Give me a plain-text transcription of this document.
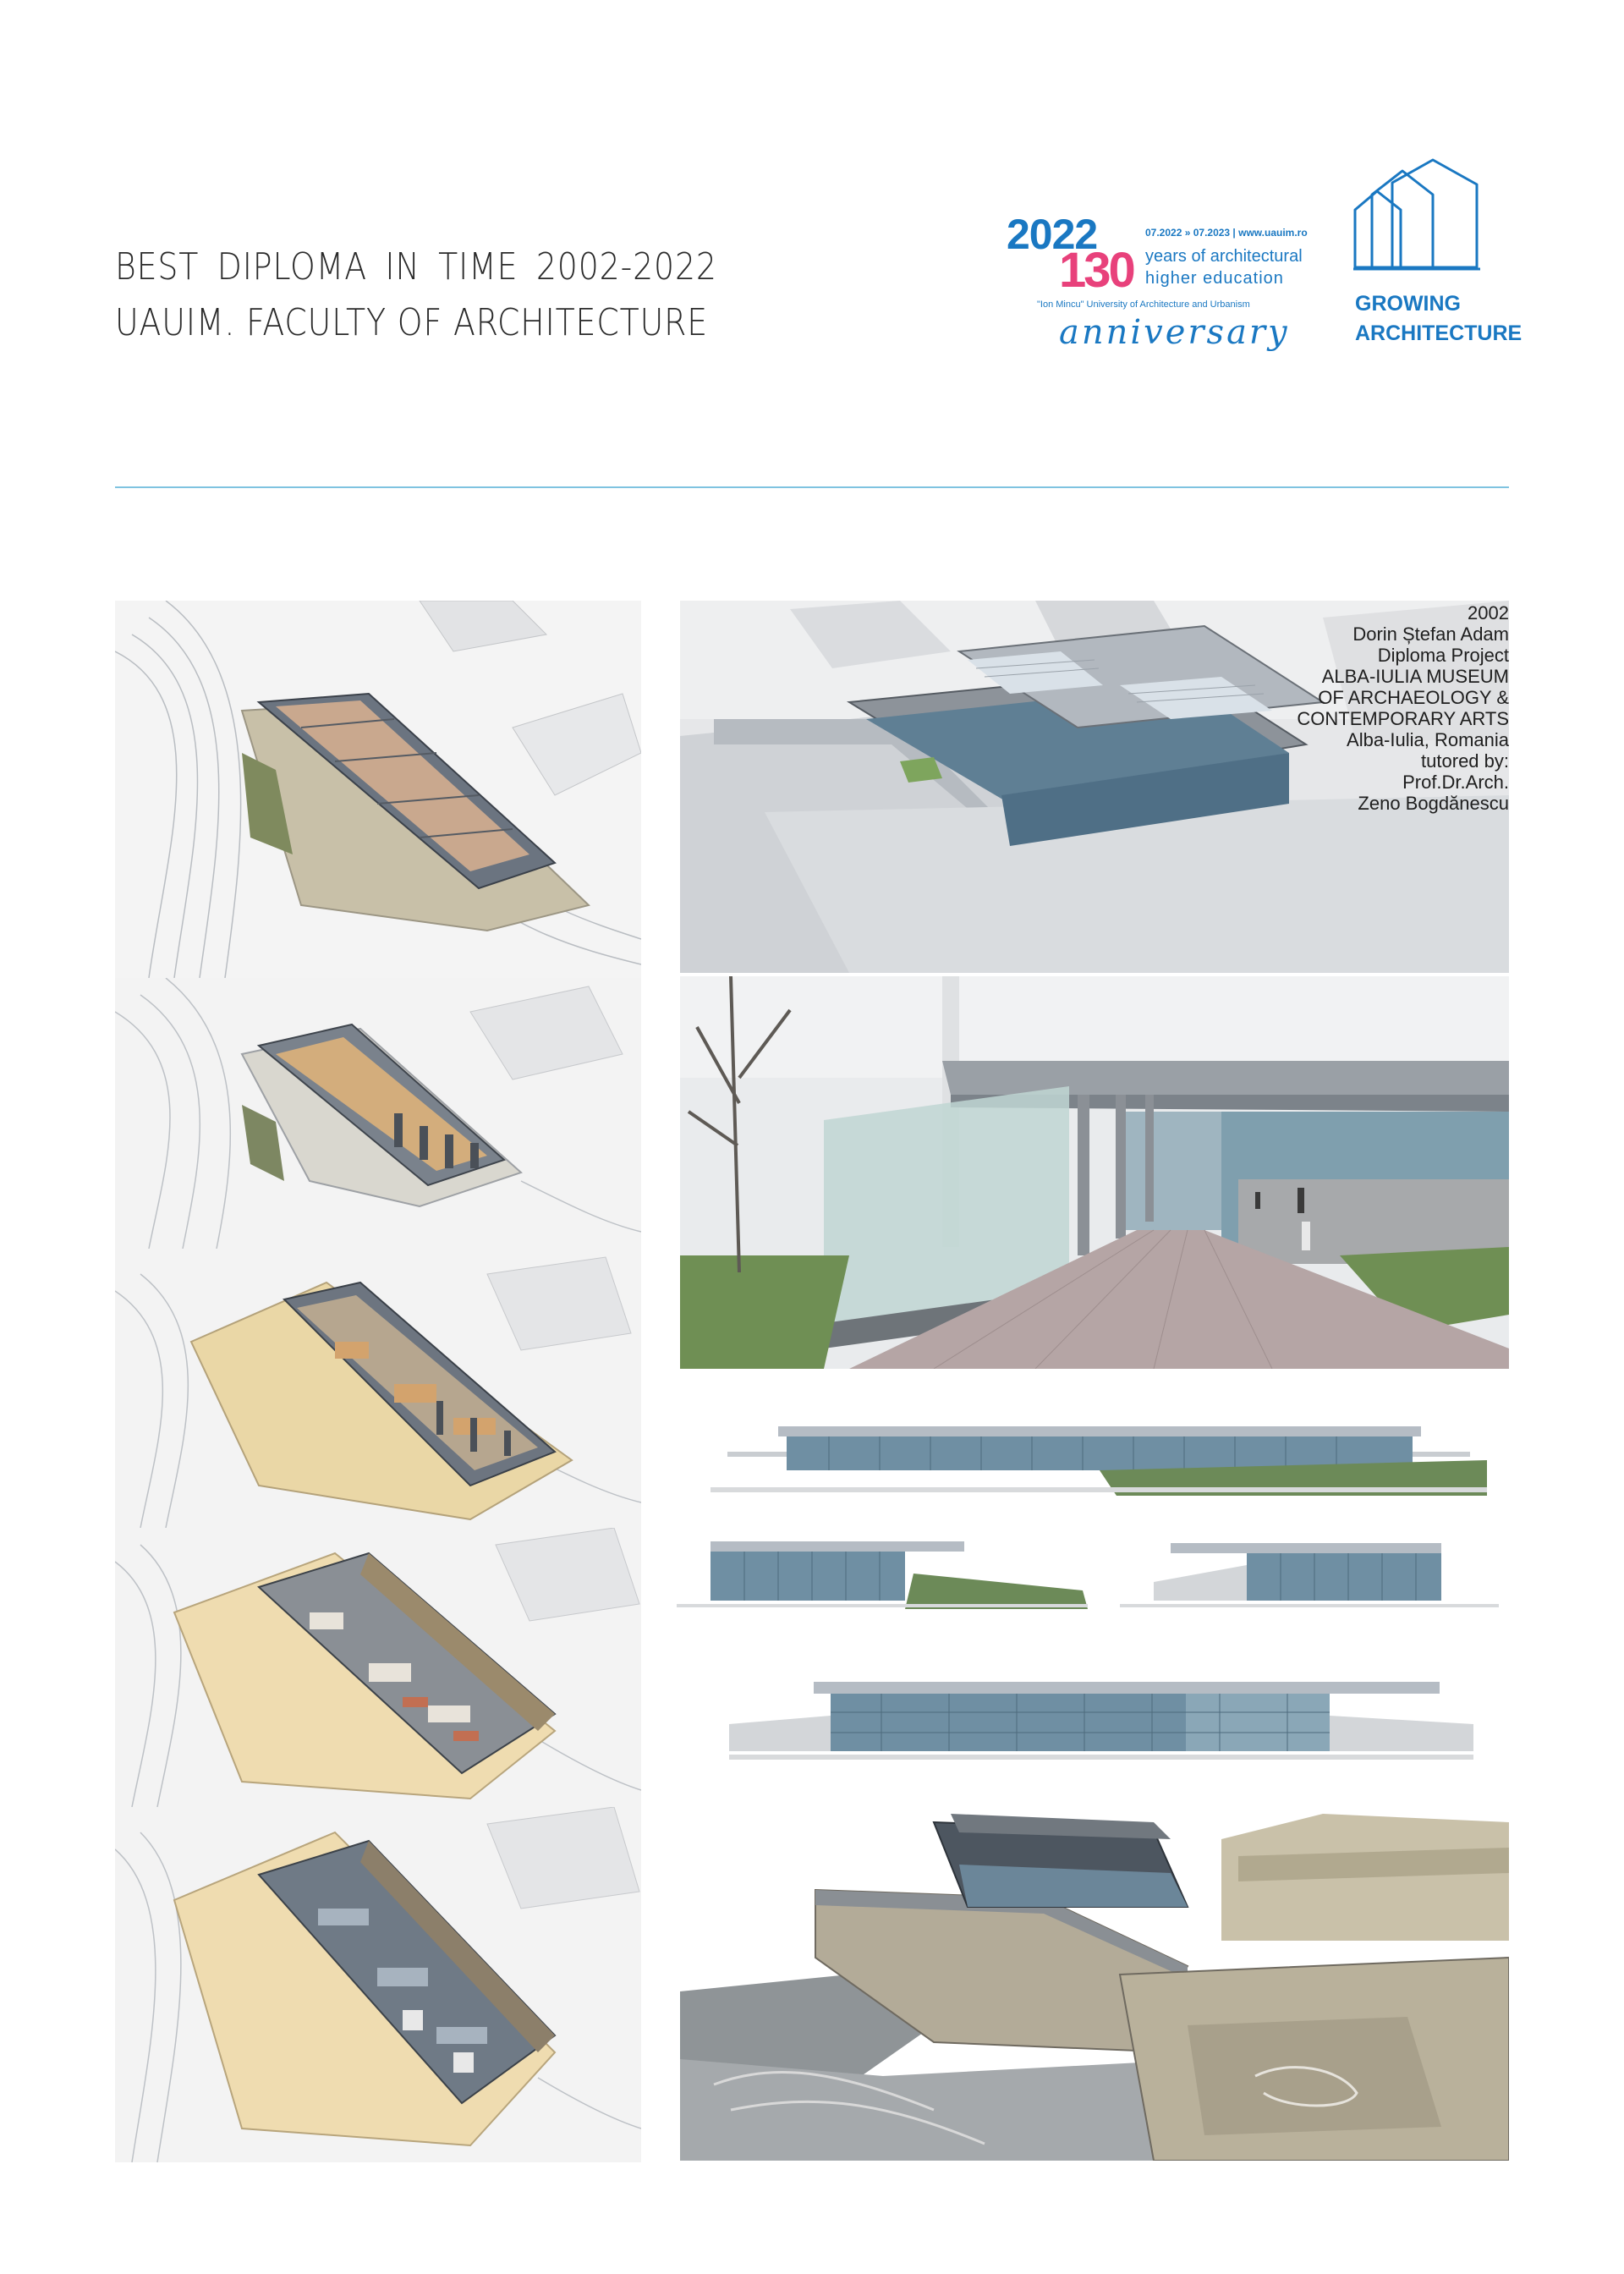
BEST DIPLOMA IN TIME 2002-2022
UAUIM. FACULTY OF ARCHITECTURE
2022
130
07.2022 » 07.2023 | www.uauim.ro
years of architectural
higher education
"Ion Mincu" University of Architecture and Urbanism
anniversary
GROWING
ARCHITECTURE
2002
Dorin Ștefan Adam
Diploma Project
ALBA-IULIA MUSEUM
OF ARCHAEOLOGY &
CONTEMPORARY ARTS
Alba-Iulia, Romania
tutored by:
Prof.Dr.Arch.
Zeno Bogdănescu
